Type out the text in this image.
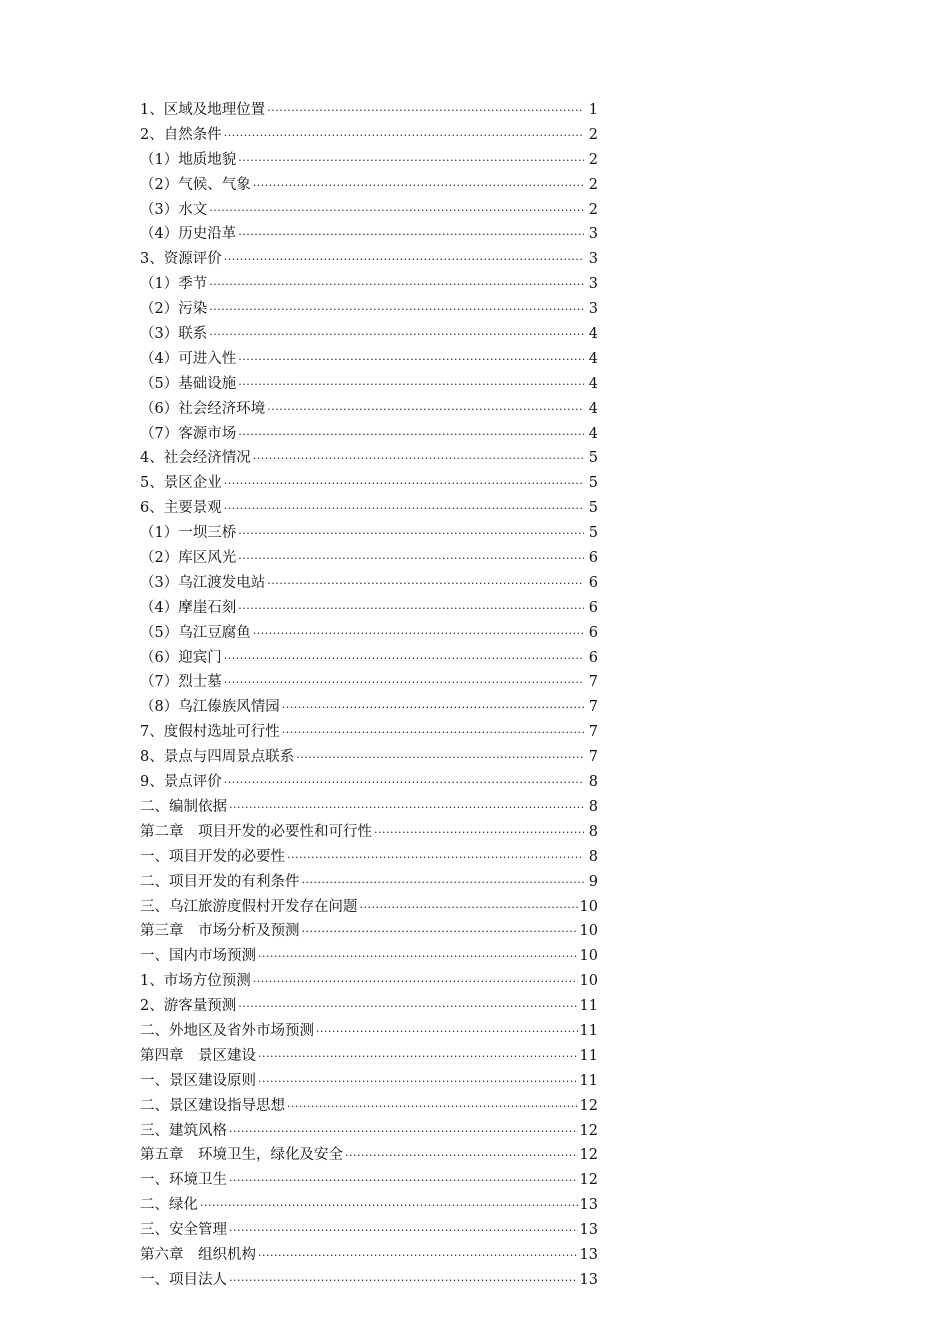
1、区域及地理位置 ·····	1
2、自然条件 ·····	2
（1）地质地貌 ·····	2
（2）气候、气象 ·····	2
（3）水文 ·····	2
（4）历史沿革 ·····	3
3、资源评价 ·····	3
（1）季节 ·····	3
（2）污染 ·····	3
（3）联系 ·····	4
（4）可进入性 ·····	4
（5）基础设施 ·····	4
（6）社会经济环境 ·····	4
（7）客源市场 ·····	4
4、社会经济情况 ·····	5
5、景区企业 ·····	5
6、主要景观 ·····	5
（1）一坝三桥 ·····	5
（2）库区风光 ·····	6
（3）乌江渡发电站 ·····	6
（4）摩崖石刻 ·····	6
（5）乌江豆腐鱼 ·····	6
（6）迎宾门 ·····	6
（7）烈士墓 ·····	7
（8）乌江傣族风情园 ·····	7
7、度假村选址可行性 ·····	7
8、景点与四周景点联系 ·····	7
9、景点评价 ·····	8
二、编制依据 ·····	8
第二章　项目开发的必要性和可行性 ·····	8
一、项目开发的必要性 ·····	8
二、项目开发的有利条件 ·····	9
三、乌江旅游度假村开发存在问题 ·····	10
第三章　市场分析及预测 ·····	10
一、国内市场预测 ·····	10
1、市场方位预测 ·····	10
2、游客量预测 ·····	11
二、外地区及省外市场预测 ·····	11
第四章　景区建设 ·····	11
一、景区建设原则 ·····	11
二、景区建设指导思想 ·····	12
三、建筑风格 ·····	12
第五章　环境卫生，绿化及安全 ·····	12
一、环境卫生 ·····	12
二、绿化 ·····	13
三、安全管理 ·····	13
第六章　组织机构 ·····	13
一、项目法人 ·····	13
